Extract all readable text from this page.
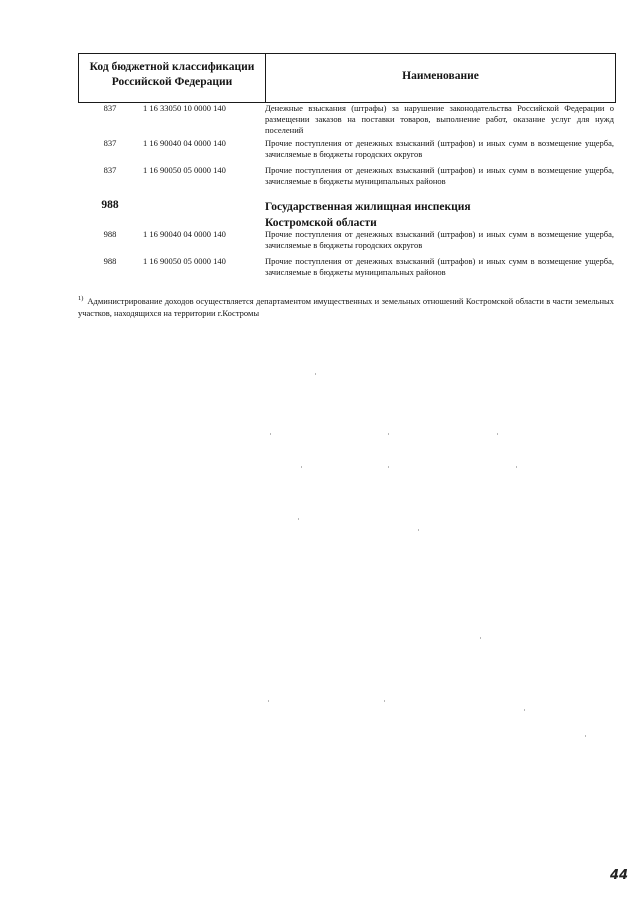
Код бюджетной классификации
Российской Федерации	Наименование
837	1 16 33050 10 0000 140	Денежные взыскания (штрафы) за нарушение законодательства Российской Федерации о размещении заказов на поставки товаров, выполнение работ, оказание услуг для нужд поселений
837	1 16 90040 04 0000 140	Прочие поступления от денежных взысканий (штрафов) и иных сумм в возмещение ущерба, зачисляемые в бюджеты городских округов
837	1 16 90050 05 0000 140	Прочие поступления от денежных взысканий (штрафов) и иных сумм в возмещение ущерба, зачисляемые в бюджеты муниципальных районов
988	Государственная жилищная инспекция
Костромской области
988	1 16 90040 04 0000 140	Прочие поступления от денежных взысканий (штрафов) и иных сумм в возмещение ущерба, зачисляемые в бюджеты городских округов
988	1 16 90050 05 0000 140	Прочие поступления от денежных взысканий (штрафов) и иных сумм в возмещение ущерба, зачисляемые в бюджеты муниципальных районов
$^{1)}$ Администрирование доходов осуществляется департаментом имущественных и земельных отношений Костромской области в части земельных участков, находящихся на территории г.Костромы
44
